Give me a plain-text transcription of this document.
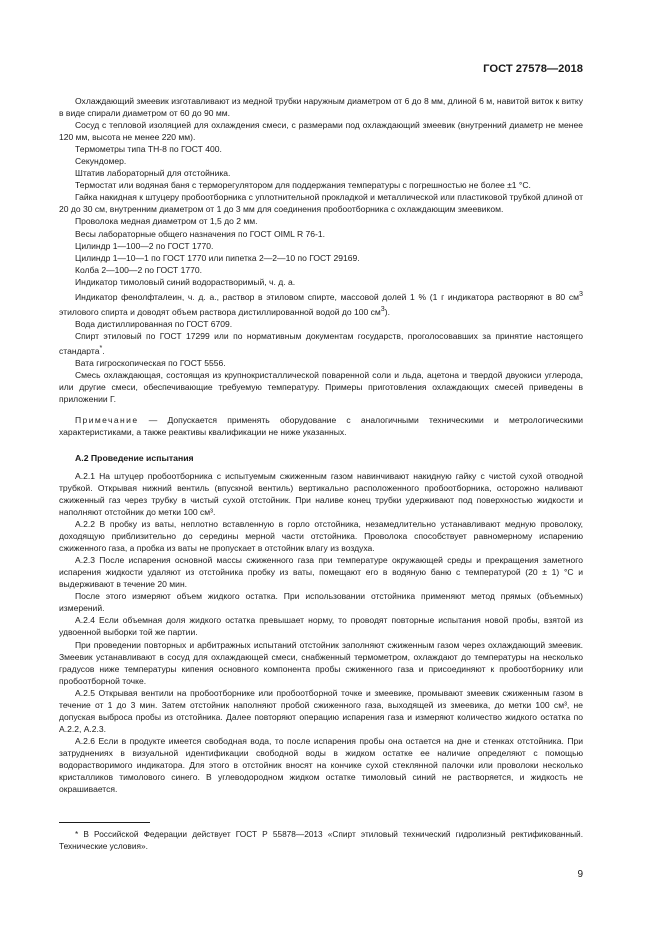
ГОСТ 27578—2018

Охлаждающий змеевик изготавливают из медной трубки наружным диаметром от 6 до 8 мм, длиной 6 м, навитой виток к витку в виде спирали диаметром от 60 до 90 мм.

Сосуд с тепловой изоляцией для охлаждения смеси, с размерами под охлаждающий змеевик (внутренний диаметр не менее 120 мм, высота не менее 220 мм).

Термометры типа ТН-8 по ГОСТ 400.

Секундомер.

Штатив лабораторный для отстойника.

Термостат или водяная баня с терморегулятором для поддержания температуры с погрешностью не более ±1 °С.

Гайка накидная к штуцеру пробоотборника с уплотнительной прокладкой и металлической или пластиковой трубкой длиной от 20 до 30 см, внутренним диаметром от 1 до 3 мм для соединения пробоотборника с охлаждающим змеевиком.

Проволока медная диаметром от 1,5 до 2 мм.

Весы лабораторные общего назначения по ГОСТ OIML R 76-1.

Цилиндр 1—100—2 по ГОСТ 1770.

Цилиндр 1—10—1 по ГОСТ 1770 или пипетка 2—2—10 по ГОСТ 29169.

Колба 2—100—2 по ГОСТ 1770.

Индикатор тимоловый синий водорастворимый, ч. д. а.

Индикатор фенолфталеин, ч. д. а., раствор в этиловом спирте, массовой долей 1 % (1 г индикатора растворяют в 80 $см^3$ этилового спирта и доводят объем раствора дистиллированной водой до 100 $см^3$).

Вода дистиллированная по ГОСТ 6709.

Спирт этиловый по ГОСТ 17299 или по нормативным документам государств, проголосовавших за принятие настоящего стандарта*.

Вата гигроскопическая по ГОСТ 5556.

Смесь охлаждающая, состоящая из крупнокристаллической поваренной соли и льда, ацетона и твердой двуокиси углерода, или другие смеси, обеспечивающие требуемую температуру. Примеры приготовления охлаждающих смесей приведены в приложении Г.

Примечание — Допускается применять оборудование с аналогичными техническими и метрологическими характеристиками, а также реактивы квалификации не ниже указанных.

А.2 Проведение испытания

А.2.1 На штуцер пробоотборника с испытуемым сжиженным газом навинчивают накидную гайку с чистой сухой отводной трубкой. Открывая нижний вентиль (впускной вентиль) вертикально расположенного пробоотборника, осторожно наливают сжиженный газ через трубку в чистый сухой отстойник. При наливе конец трубки удерживают под поверхностью жидкости и наполняют отстойник до метки 100 см³.

А.2.2 В пробку из ваты, неплотно вставленную в горло отстойника, незамедлительно устанавливают медную проволоку, доходящую приблизительно до середины мерной части отстойника. Проволока способствует равномерному испарению сжиженного газа, а пробка из ваты не пропускает в отстойник влагу из воздуха.

А.2.3 После испарения основной массы сжиженного газа при температуре окружающей среды и прекращения заметного испарения жидкости удаляют из отстойника пробку из ваты, помещают его в водяную баню с температурой (20 ± 1) °С и выдерживают в течение 20 мин.

После этого измеряют объем жидкого остатка. При использовании отстойника применяют метод прямых (объемных) измерений.

А.2.4 Если объемная доля жидкого остатка превышает норму, то проводят повторные испытания новой пробы, взятой из удвоенной выборки той же партии.

При проведении повторных и арбитражных испытаний отстойник заполняют сжиженным газом через охлаждающий змеевик. Змеевик устанавливают в сосуд для охлаждающей смеси, снабженный термометром, охлаждают до температуры на несколько градусов ниже температуры кипения основного компонента пробы сжиженного газа и присоединяют к пробоотборнику или пробоотборной точке.

А.2.5 Открывая вентили на пробоотборнике или пробоотборной точке и змеевике, промывают змеевик сжиженным газом в течение от 1 до 3 мин. Затем отстойник наполняют пробой сжиженного газа, выходящей из змеевика, до метки 100 см³, не допуская выброса пробы из отстойника. Далее повторяют операцию испарения газа и измеряют количество жидкого остатка по А.2.2, А.2.3.

А.2.6 Если в продукте имеется свободная вода, то после испарения пробы она остается на дне и стенках отстойника. При затруднениях в визуальной идентификации свободной воды в жидком остатке ее наличие определяют с помощью водорастворимого индикатора. Для этого в отстойник вносят на кончике сухой стеклянной палочки или проволоки несколько кристалликов тимолового синего. В углеводородном жидком остатке тимоловый синий не растворяется, и жидкость не окрашивается.

* В Российской Федерации действует ГОСТ Р 55878—2013 «Спирт этиловый технический гидролизный ректификованный. Технические условия».

9
